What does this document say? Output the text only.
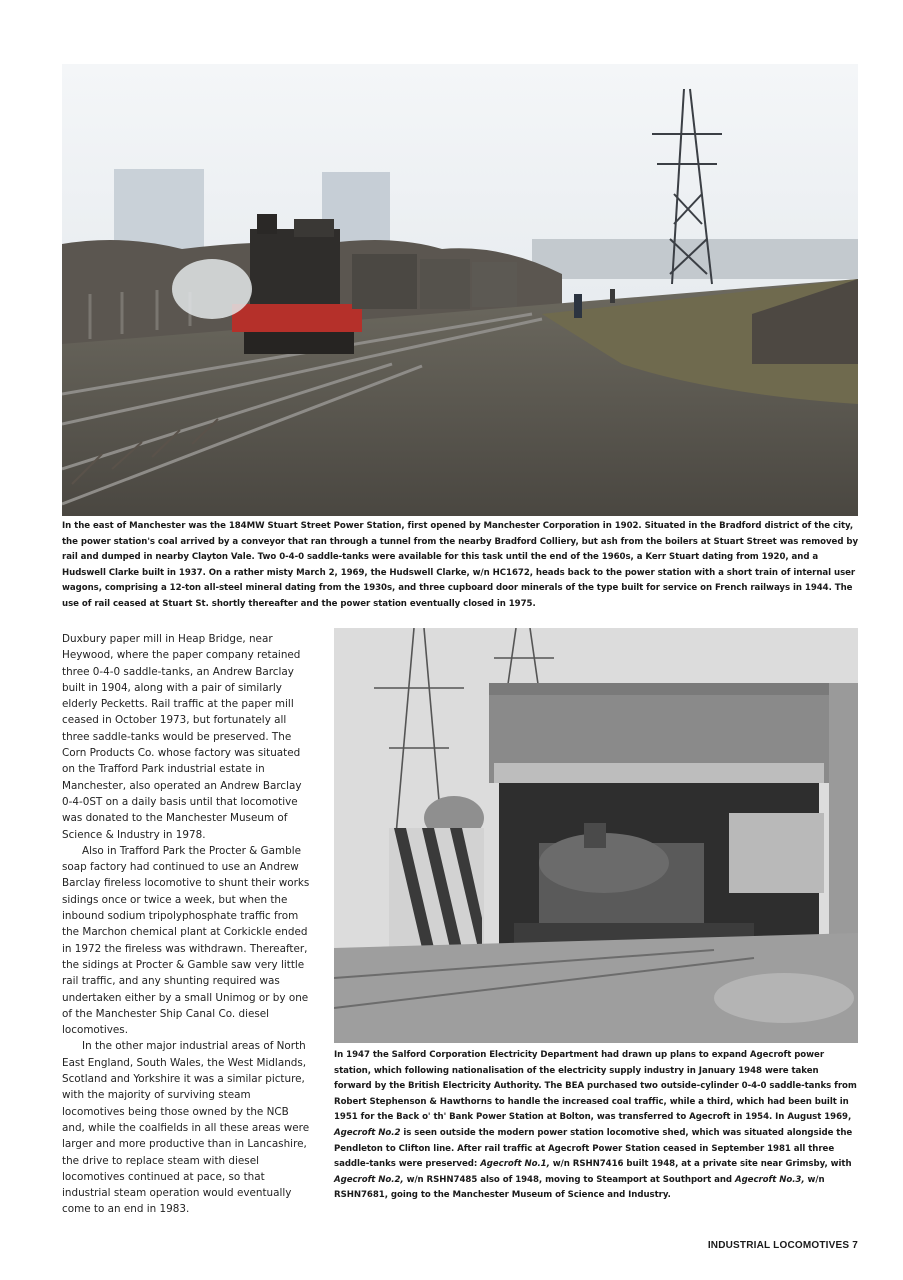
In the east of Manchester was the 184MW Stuart Street Power Station, first opened by Manchester Corporation in 1902. Situated in the Bradford district of the city, the power station's coal arrived by a conveyor that ran through a tunnel from the nearby Bradford Colliery, but ash from the boilers at Stuart Street was removed by rail and dumped in nearby Clayton Vale. Two 0-4-0 saddle-tanks were available for this task until the end of the 1960s, a Kerr Stuart dating from 1920, and a Hudswell Clarke built in 1937. On a rather misty March 2, 1969, the Hudswell Clarke, w/n HC1672, heads back to the power station with a short train of internal user wagons, comprising a 12-ton all-steel mineral dating from the 1930s, and three cupboard door minerals of the type built for service on French railways in 1944. The use of rail ceased at Stuart St. shortly thereafter and the power station eventually closed in 1975.

Duxbury paper mill in Heap Bridge, near Heywood, where the paper company retained three 0-4-0 saddle-tanks, an Andrew Barclay built in 1904, along with a pair of similarly elderly Pecketts. Rail traffic at the paper mill ceased in October 1973, but fortunately all three saddle-tanks would be preserved. The Corn Products Co. whose factory was situated on the Trafford Park industrial estate in Manchester, also operated an Andrew Barclay 0-4-0ST on a daily basis until that locomotive was donated to the Manchester Museum of Science & Industry in 1978.

Also in Trafford Park the Procter & Gamble soap factory had continued to use an Andrew Barclay fireless locomotive to shunt their works sidings once or twice a week, but when the inbound sodium tripolyphosphate traffic from the Marchon chemical plant at Corkickle ended in 1972 the fireless was withdrawn. Thereafter, the sidings at Procter & Gamble saw very little rail traffic, and any shunting required was undertaken either by a small Unimog or by one of the Manchester Ship Canal Co. diesel locomotives.

In the other major industrial areas of North East England, South Wales, the West Midlands, Scotland and Yorkshire it was a similar picture, with the majority of surviving steam locomotives being those owned by the NCB and, while the coalfields in all these areas were larger and more productive than in Lancashire, the drive to replace steam with diesel locomotives continued at pace, so that industrial steam operation would eventually come to an end in 1983.

In 1947 the Salford Corporation Electricity Department had drawn up plans to expand Agecroft power station, which following nationalisation of the electricity supply industry in January 1948 were taken forward by the British Electricity Authority. The BEA purchased two outside-cylinder 0-4-0 saddle-tanks from Robert Stephenson & Hawthorns to handle the increased coal traffic, while a third, which had been built in 1951 for the Back o' th' Bank Power Station at Bolton, was transferred to Agecroft in 1954. In August 1969, Agecroft No.2 is seen outside the modern power station locomotive shed, which was situated alongside the Pendleton to Clifton line. After rail traffic at Agecroft Power Station ceased in September 1981 all three saddle-tanks were preserved: Agecroft No.1, w/n RSHN7416 built 1948, at a private site near Grimsby, with Agecroft No.2, w/n RSHN7485 also of 1948, moving to Steamport at Southport and Agecroft No.3, w/n RSHN7681, going to the Manchester Museum of Science and Industry.
INDUSTRIAL LOCOMOTIVES 7
